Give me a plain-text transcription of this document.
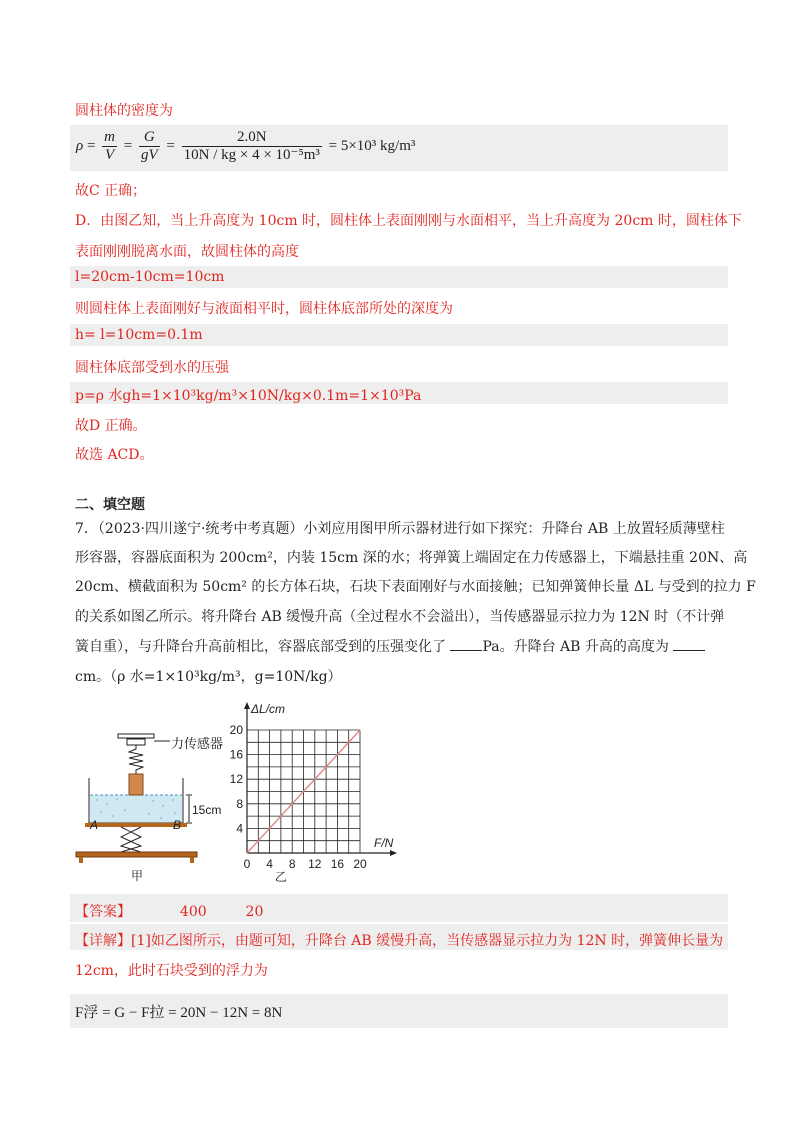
圆柱体的密度为
$\rho = \frac{m}{V} = \frac{G}{gV} = \frac{2.0N}{\text{10N / kg × 4 × 10⁻⁵m³}} = 5\times 10^3$ kg/m³
故C 正确；
D．由图乙知，当上升高度为 10cm 时，圆柱体上表面刚刚与水面相平，当上升高度为 20cm 时，圆柱体下
表面刚刚脱离水面，故圆柱体的高度
l=20cm-10cm=10cm
则圆柱体上表面刚好与液面相平时，圆柱体底部所处的深度为
h= l=10cm=0.1m
圆柱体底部受到水的压强
p=ρ 水gh=1×10³kg/m³×10N/kg×0.1m=1×10³Pa
故D 正确。
故选 ACD。
二、填空题
7．（2023·四川遂宁·统考中考真题）小刘应用图甲所示器材进行如下探究：升降台 AB 上放置轻质薄壁柱
形容器，容器底面积为 200cm²，内装 15cm 深的水；将弹簧上端固定在力传感器上，下端悬挂重 20N、高
20cm、横截面积为 50cm² 的长方体石块，石块下表面刚好与水面接触；已知弹簧伸长量 ΔL 与受到的拉力 F
的关系如图乙所示。将升降台 AB 缓慢升高（全过程水不会溢出），当传感器显示拉力为 12N 时（不计弹
簧自重），与升降台升高前相比，容器底部受到的压强变化了	Pa。升降台 AB 升高的高度为
cm。（ρ 水=1×10³kg/m³，g=10N/kg）
15cm
A	B
甲
力传感器
0 4 8 12 16 20
4
8
12
16
20
ΔL/cm
F/N
乙
【答案】	400	20
【详解】[1]如乙图所示，由题可知，升降台 AB 缓慢升高，当传感器显示拉力为 12N 时，弹簧伸长量为
12cm，此时石块受到的浮力为
F浮 = G − F拉 = 20N − 12N = 8N
